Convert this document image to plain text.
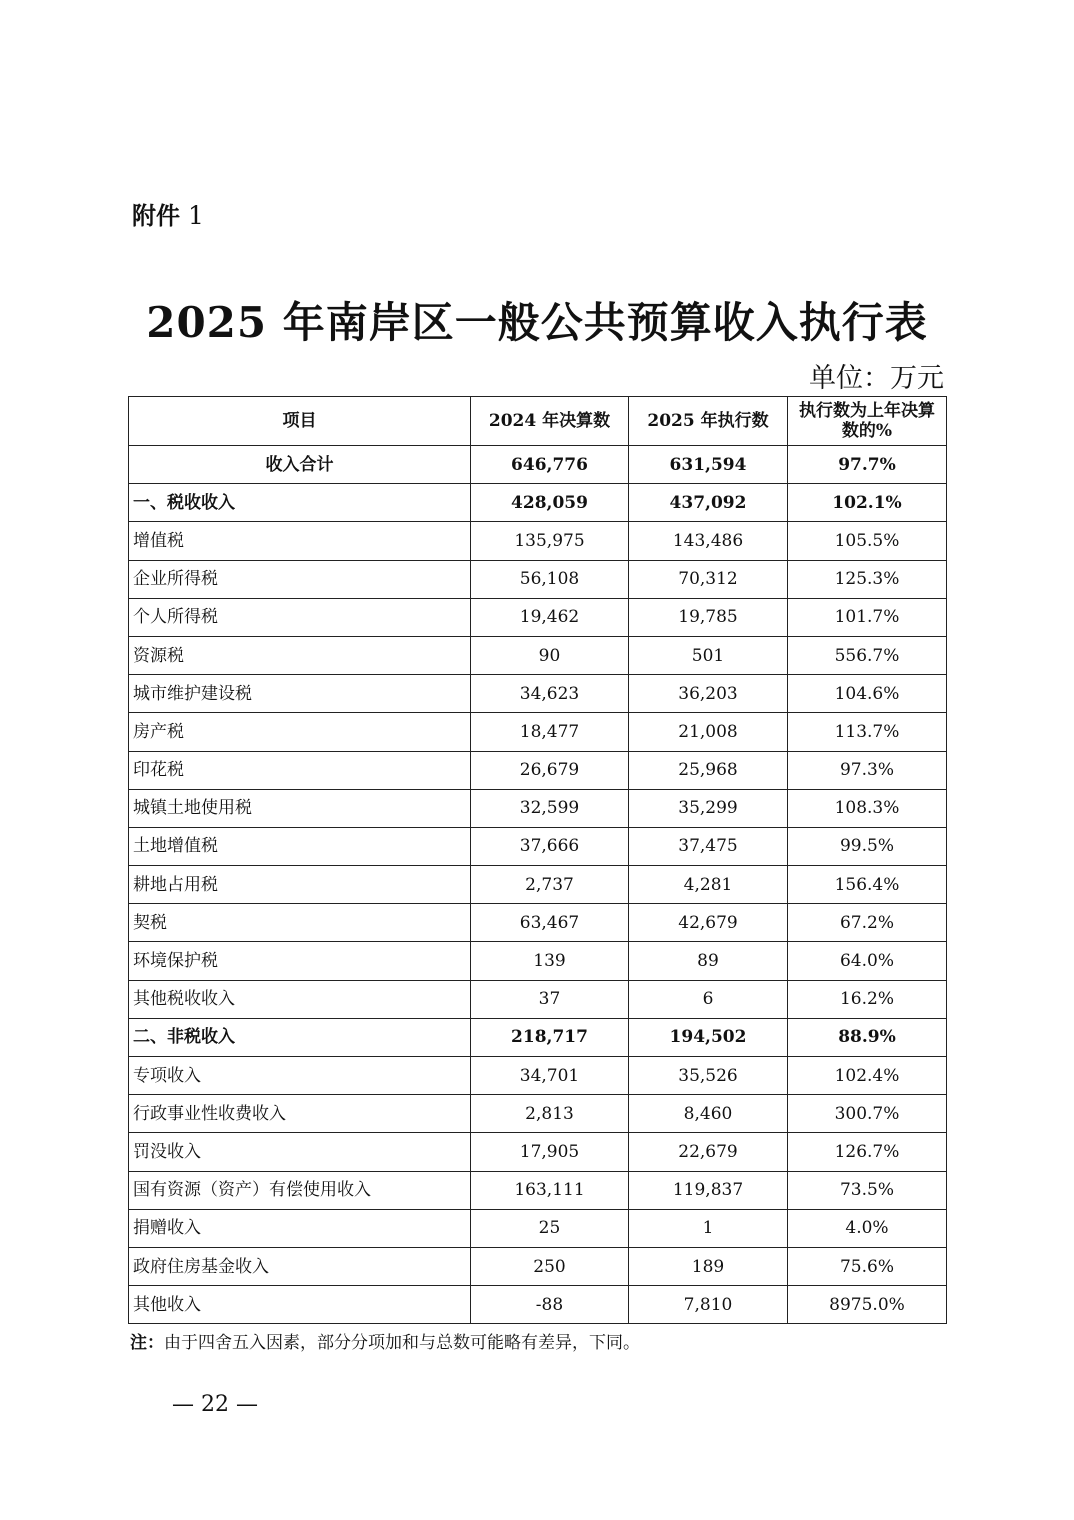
附件 1
2025 年南岸区一般公共预算收入执行表
单位：万元
项目	2024 年决算数	2025 年执行数	执行数为上年决算数的%
收入合计	646,776	631,594	97.7%
一、税收收入	428,059	437,092	102.1%
增值税	135,975	143,486	105.5%
企业所得税	56,108	70,312	125.3%
个人所得税	19,462	19,785	101.7%
资源税	90	501	556.7%
城市维护建设税	34,623	36,203	104.6%
房产税	18,477	21,008	113.7%
印花税	26,679	25,968	97.3%
城镇土地使用税	32,599	35,299	108.3%
土地增值税	37,666	37,475	99.5%
耕地占用税	2,737	4,281	156.4%
契税	63,467	42,679	67.2%
环境保护税	139	89	64.0%
其他税收收入	37	6	16.2%
二、非税收入	218,717	194,502	88.9%
专项收入	34,701	35,526	102.4%
行政事业性收费收入	2,813	8,460	300.7%
罚没收入	17,905	22,679	126.7%
国有资源（资产）有偿使用收入	163,111	119,837	73.5%
捐赠收入	25	1	4.0%
政府住房基金收入	250	189	75.6%
其他收入	-88	7,810	8975.0%
注：由于四舍五入因素，部分分项加和与总数可能略有差异，下同。
— 22 —
